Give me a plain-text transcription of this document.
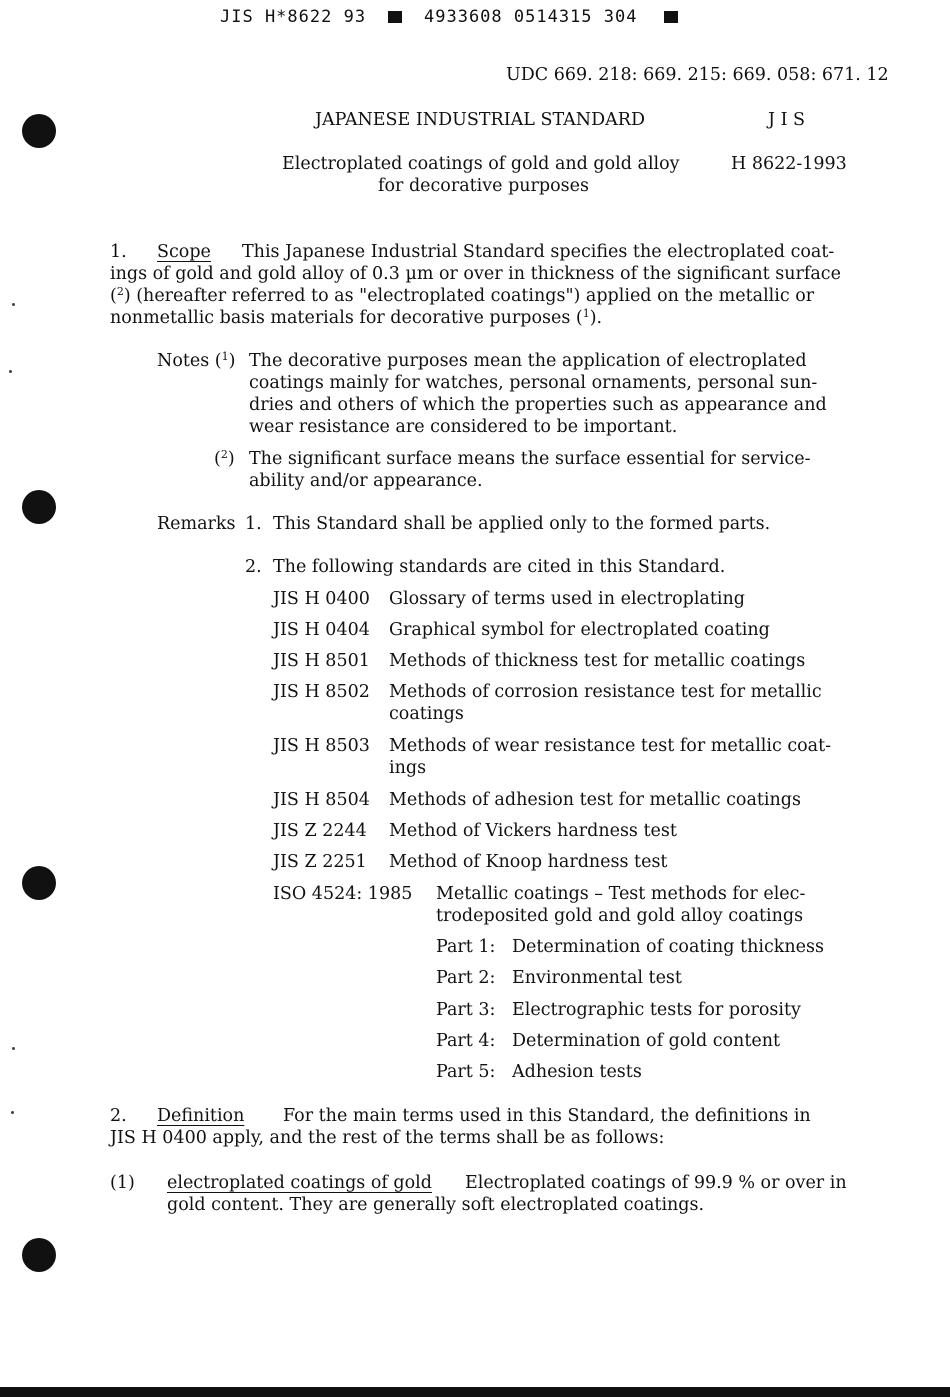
JIS H*8622 93	4933608 0514315 304
UDC 669. 218: 669. 215: 669. 058: 671. 12
JAPANESE INDUSTRIAL STANDARD	J I S
Electroplated coatings of gold and gold alloy
for decorative purposes
H 8622-1993
1. Scope This Japanese Industrial Standard specifies the electroplated coat-
ings of gold and gold alloy of 0.3 µm or over in thickness of the significant surface
($^2$) (hereafter referred to as "electroplated coatings") applied on the metallic or
nonmetallic basis materials for decorative purposes ($^1$).
Notes ($^1$) The decorative purposes mean the application of electroplated
coatings mainly for watches, personal ornaments, personal sun-
dries and others of which the properties such as appearance and
wear resistance are considered to be important.
($^2$) The significant surface means the surface essential for service-
ability and/or appearance.
Remarks 1. This Standard shall be applied only to the formed parts.
2. The following standards are cited in this Standard.
JIS H 0400 Glossary of terms used in electroplating
JIS H 0404 Graphical symbol for electroplated coating
JIS H 8501 Methods of thickness test for metallic coatings
JIS H 8502 Methods of corrosion resistance test for metallic
coatings
JIS H 8503 Methods of wear resistance test for metallic coat-
ings
JIS H 8504 Methods of adhesion test for metallic coatings
JIS Z 2244 Method of Vickers hardness test
JIS Z 2251 Method of Knoop hardness test
ISO 4524: 1985 Metallic coatings – Test methods for elec-
trodeposited gold and gold alloy coatings
Part 1: Determination of coating thickness
Part 2: Environmental test
Part 3: Electrographic tests for porosity
Part 4: Determination of gold content
Part 5: Adhesion tests
2. Definition For the main terms used in this Standard, the definitions in
JIS H 0400 apply, and the rest of the terms shall be as follows:
(1) electroplated coatings of gold Electroplated coatings of 99.9 % or over in
gold content. They are generally soft electroplated coatings.
